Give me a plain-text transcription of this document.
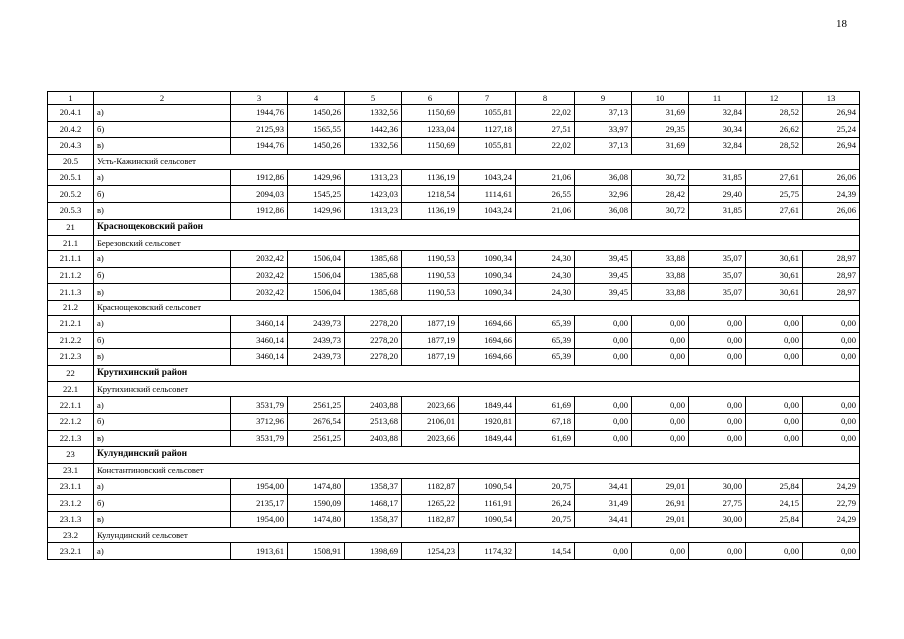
18
1	2	3	4	5	6	7	8	9	10	11	12	13
20.4.1	а)	1944,76	1450,26	1332,56	1150,69	1055,81	22,02	37,13	31,69	32,84	28,52	26,94
20.4.2	б)	2125,93	1565,55	1442,36	1233,04	1127,18	27,51	33,97	29,35	30,34	26,62	25,24
20.4.3	в)	1944,76	1450,26	1332,56	1150,69	1055,81	22,02	37,13	31,69	32,84	28,52	26,94
20.5	Усть-Кажинский сельсовет											
20.5.1	а)	1912,86	1429,96	1313,23	1136,19	1043,24	21,06	36,08	30,72	31,85	27,61	26,06
20.5.2	б)	2094,03	1545,25	1423,03	1218,54	1114,61	26,55	32,96	28,42	29,40	25,75	24,39
20.5.3	в)	1912,86	1429,96	1313,23	1136,19	1043,24	21,06	36,08	30,72	31,85	27,61	26,06
21	Краснощековский район											
21.1	Березовский сельсовет											
21.1.1	а)	2032,42	1506,04	1385,68	1190,53	1090,34	24,30	39,45	33,88	35,07	30,61	28,97
21.1.2	б)	2032,42	1506,04	1385,68	1190,53	1090,34	24,30	39,45	33,88	35,07	30,61	28,97
21.1.3	в)	2032,42	1506,04	1385,68	1190,53	1090,34	24,30	39,45	33,88	35,07	30,61	28,97
21.2	Краснощековский сельсовет											
21.2.1	а)	3460,14	2439,73	2278,20	1877,19	1694,66	65,39	0,00	0,00	0,00	0,00	0,00
21.2.2	б)	3460,14	2439,73	2278,20	1877,19	1694,66	65,39	0,00	0,00	0,00	0,00	0,00
21.2.3	в)	3460,14	2439,73	2278,20	1877,19	1694,66	65,39	0,00	0,00	0,00	0,00	0,00
22	Крутихинский район											
22.1	Крутихинский сельсовет											
22.1.1	а)	3531,79	2561,25	2403,88	2023,66	1849,44	61,69	0,00	0,00	0,00	0,00	0,00
22.1.2	б)	3712,96	2676,54	2513,68	2106,01	1920,81	67,18	0,00	0,00	0,00	0,00	0,00
22.1.3	в)	3531,79	2561,25	2403,88	2023,66	1849,44	61,69	0,00	0,00	0,00	0,00	0,00
23	Кулундинский район											
23.1	Константиновский сельсовет											
23.1.1	а)	1954,00	1474,80	1358,37	1182,87	1090,54	20,75	34,41	29,01	30,00	25,84	24,29
23.1.2	б)	2135,17	1590,09	1468,17	1265,22	1161,91	26,24	31,49	26,91	27,75	24,15	22,79
23.1.3	в)	1954,00	1474,80	1358,37	1182,87	1090,54	20,75	34,41	29,01	30,00	25,84	24,29
23.2	Кулундинский сельсовет											
23.2.1	а)	1913,61	1508,91	1398,69	1254,23	1174,32	14,54	0,00	0,00	0,00	0,00	0,00
